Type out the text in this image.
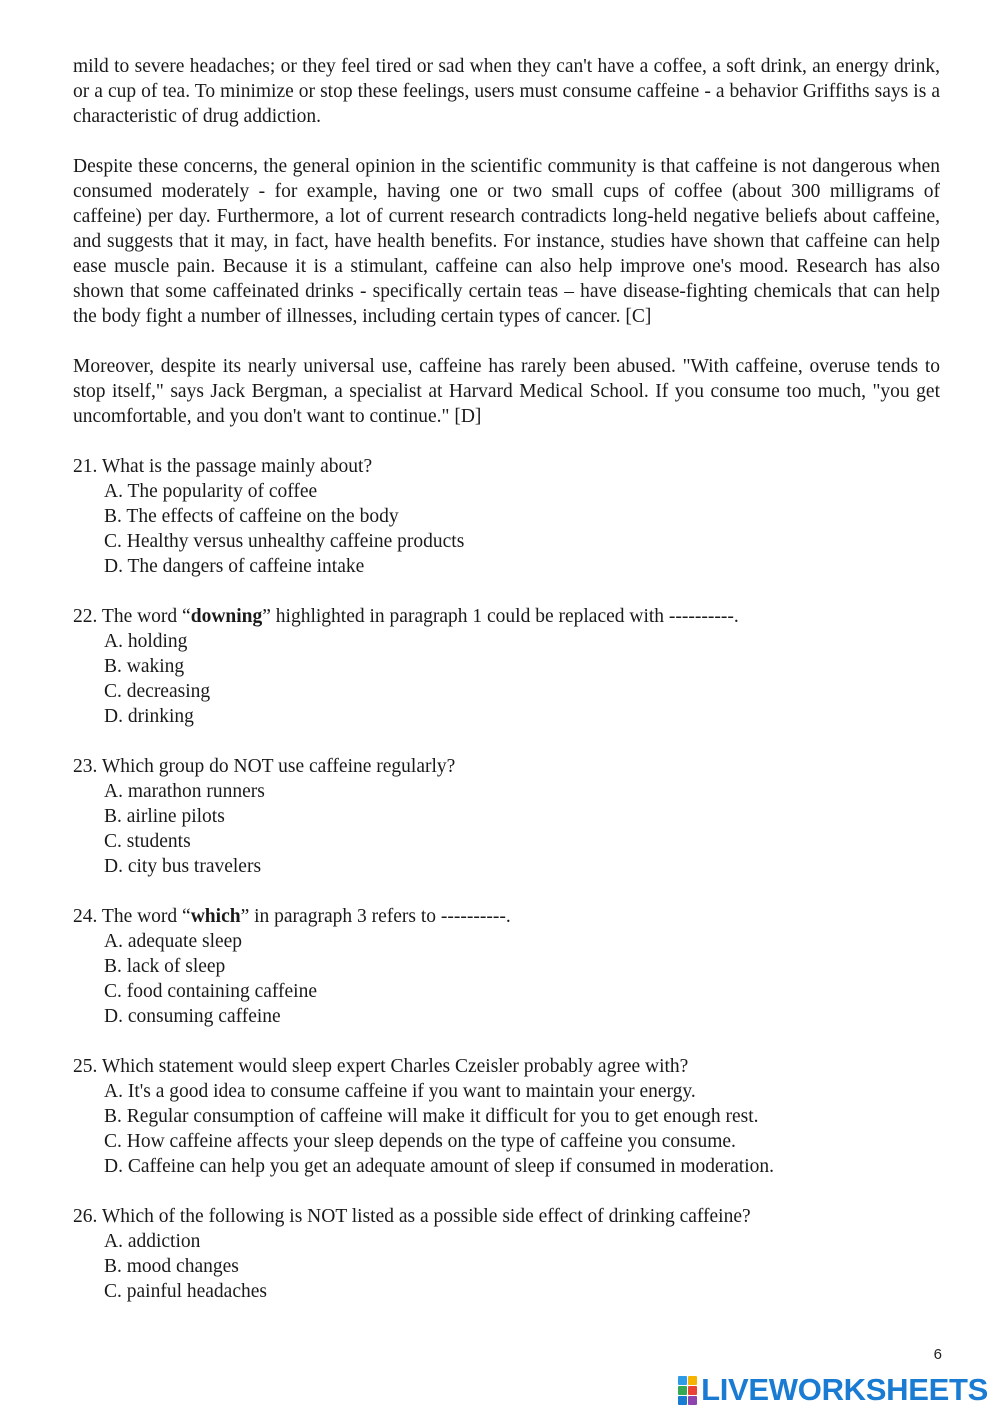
mild to severe headaches; or they feel tired or sad when they can't have a coffee, a soft drink, an energy drink, or a cup of tea. To minimize or stop these feelings, users must consume caffeine - a behavior Griffiths says is a characteristic of drug addiction.

Despite these concerns, the general opinion in the scientific community is that caffeine is not dangerous when consumed moderately - for example, having one or two small cups of coffee (about 300 milligrams of caffeine) per day. Furthermore, a lot of current research contradicts long-held negative beliefs about caffeine, and suggests that it may, in fact, have health benefits. For instance, studies have shown that caffeine can help ease muscle pain. Because it is a stimulant, caffeine can also help improve one's mood. Research has also shown that some caffeinated drinks - specifically certain teas – have disease-fighting chemicals that can help the body fight a number of illnesses, including certain types of cancer. [C]

Moreover, despite its nearly universal use, caffeine has rarely been abused. "With caffeine, overuse tends to stop itself," says Jack Bergman, a specialist at Harvard Medical School. If you consume too much, "you get uncomfortable, and you don't want to continue." [D]

21. What is the passage mainly about?
A. The popularity of coffee
B. The effects of caffeine on the body
C. Healthy versus unhealthy caffeine products
D. The dangers of caffeine intake
22. The word “downing” highlighted in paragraph 1 could be replaced with ----------.
A. holding
B. waking
C. decreasing
D. drinking
23. Which group do NOT use caffeine regularly?
A. marathon runners
B. airline pilots
C. students
D. city bus travelers
24. The word “which” in paragraph 3 refers to ----------.
A. adequate sleep
B. lack of sleep
C. food containing caffeine
D. consuming caffeine
25. Which statement would sleep expert Charles Czeisler probably agree with?
A. It's a good idea to consume caffeine if you want to maintain your energy.
B. Regular consumption of caffeine will make it difficult for you to get enough rest.
C. How caffeine affects your sleep depends on the type of caffeine you consume.
D. Caffeine can help you get an adequate amount of sleep if consumed in moderation.
26. Which of the following is NOT listed as a possible side effect of drinking caffeine?
A. addiction
B. mood changes
C. painful headaches
6
LIVEWORKSHEETS
